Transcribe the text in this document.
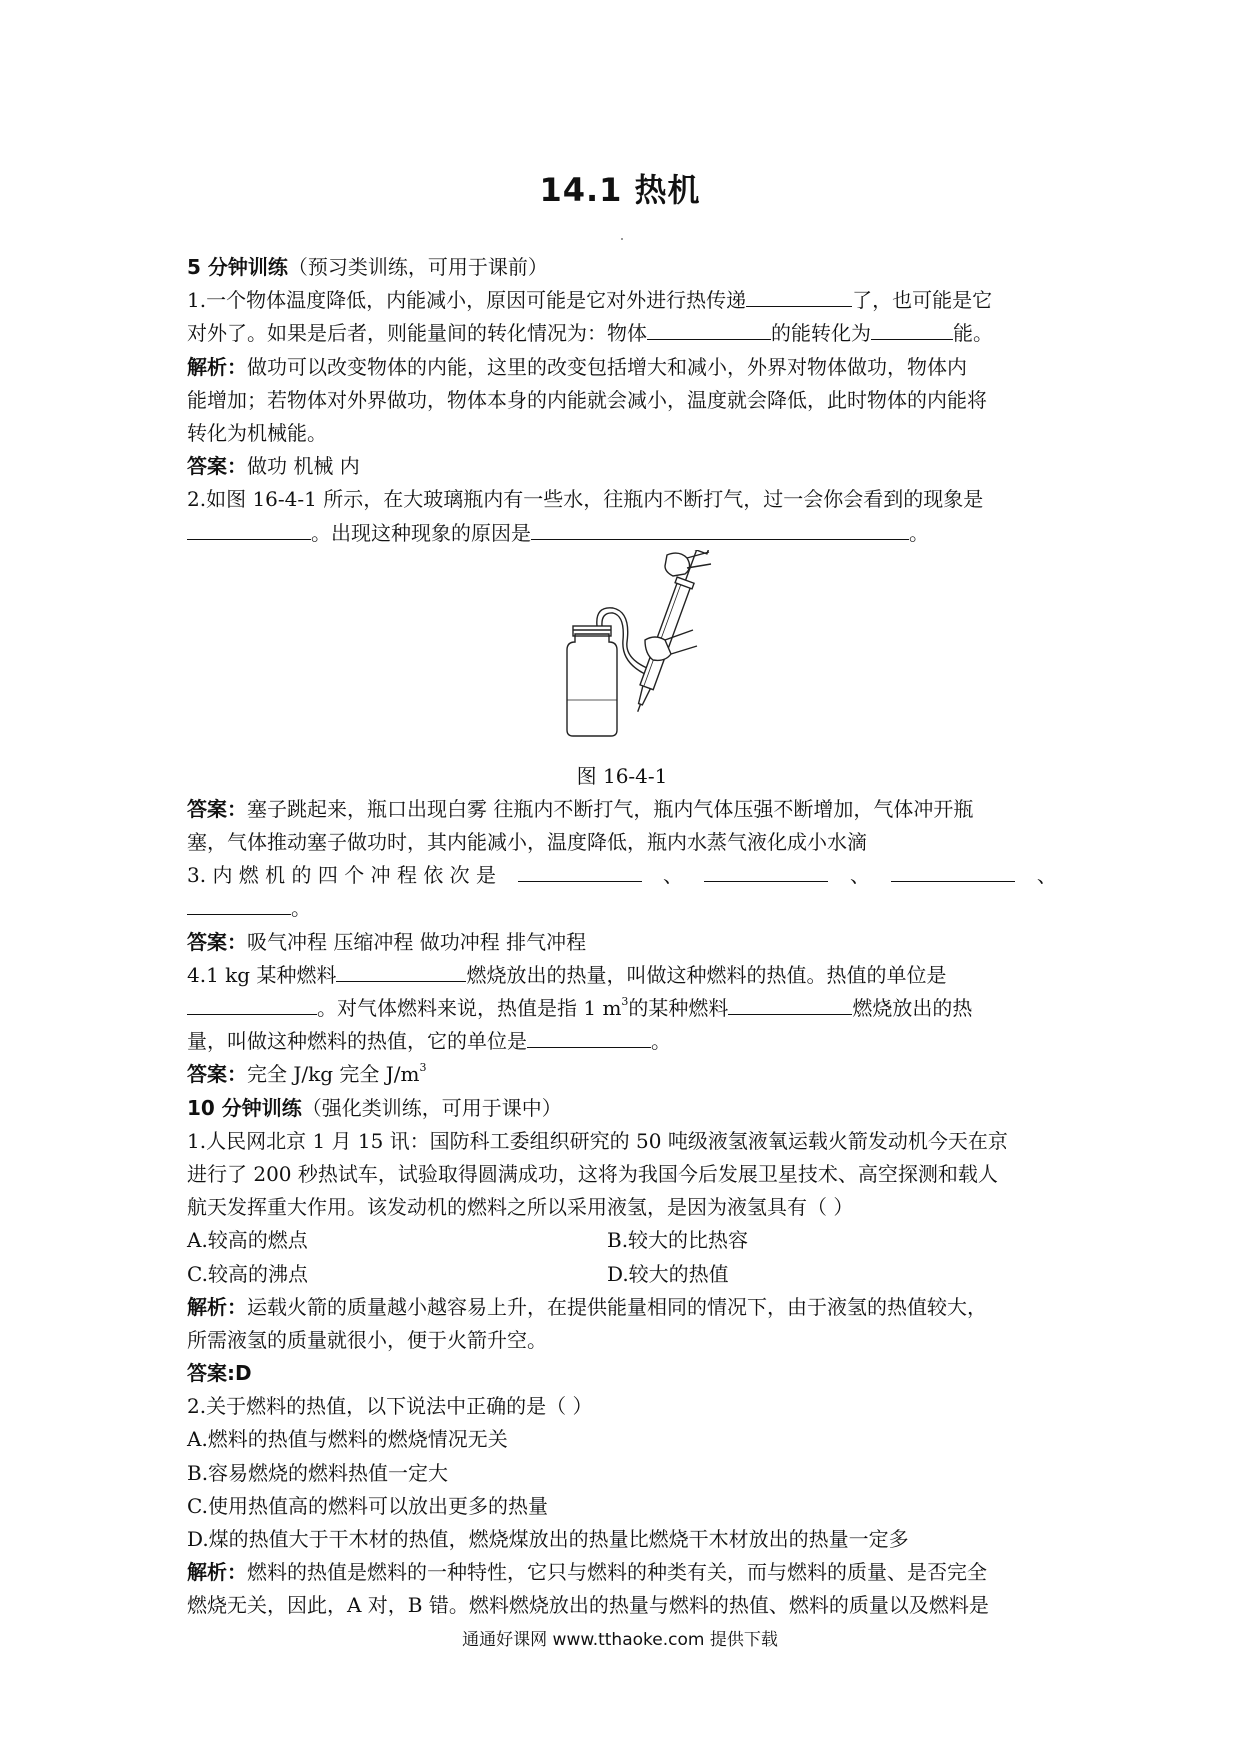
14.1 热机
5 分钟训练（预习类训练，可用于课前）
1.一个物体温度降低，内能减小，原因可能是它对外进行热传递	了，也可能是它
对外了。如果是后者，则能量间的转化情况为：物体	的能转化为	能。
解析：做功可以改变物体的内能，这里的改变包括增大和减小，外界对物体做功，物体内
能增加；若物体对外界做功，物体本身的内能就会减小，温度就会降低，此时物体的内能将
转化为机械能。
答案：做功 机械 内
2.如图 16-4-1 所示，在大玻璃瓶内有一些水，往瓶内不断打气，过一会你会看到的现象是
。出现这种现象的原因是	。
图 16-4-1
答案：塞子跳起来，瓶口出现白雾 往瓶内不断打气，瓶内气体压强不断增加，气体冲开瓶
塞，气体推动塞子做功时，其内能减小，温度降低，瓶内水蒸气液化成小水滴
3. 内 燃 机 的 四 个 冲 程 依 次 是	、	、	、
。
答案：吸气冲程 压缩冲程 做功冲程 排气冲程
4.1 kg 某种燃料	燃烧放出的热量，叫做这种燃料的热值。热值的单位是
。对气体燃料来说，热值是指 1 $m^3$的某种燃料	燃烧放出的热
量，叫做这种燃料的热值，它的单位是	。
答案：完全 J/kg 完全 $J/m^3$
10 分钟训练（强化类训练，可用于课中）
1.人民网北京 1 月 15 讯：国防科工委组织研究的 50 吨级液氢液氧运载火箭发动机今天在京
进行了 200 秒热试车，试验取得圆满成功，这将为我国今后发展卫星技术、高空探测和载人
航天发挥重大作用。该发动机的燃料之所以采用液氢，是因为液氢具有（ ）
A.较高的燃点	B.较大的比热容
C.较高的沸点	D.较大的热值
解析：运载火箭的质量越小越容易上升，在提供能量相同的情况下，由于液氢的热值较大，
所需液氢的质量就很小，便于火箭升空。
答案:D
2.关于燃料的热值，以下说法中正确的是（ ）
A.燃料的热值与燃料的燃烧情况无关
B.容易燃烧的燃料热值一定大
C.使用热值高的燃料可以放出更多的热量
D.煤的热值大于干木材的热值，燃烧煤放出的热量比燃烧干木材放出的热量一定多
解析：燃料的热值是燃料的一种特性，它只与燃料的种类有关，而与燃料的质量、是否完全
燃烧无关，因此，A 对，B 错。燃料燃烧放出的热量与燃料的热值、燃料的质量以及燃料是
通通好课网 www.tthaoke.com 提供下载
